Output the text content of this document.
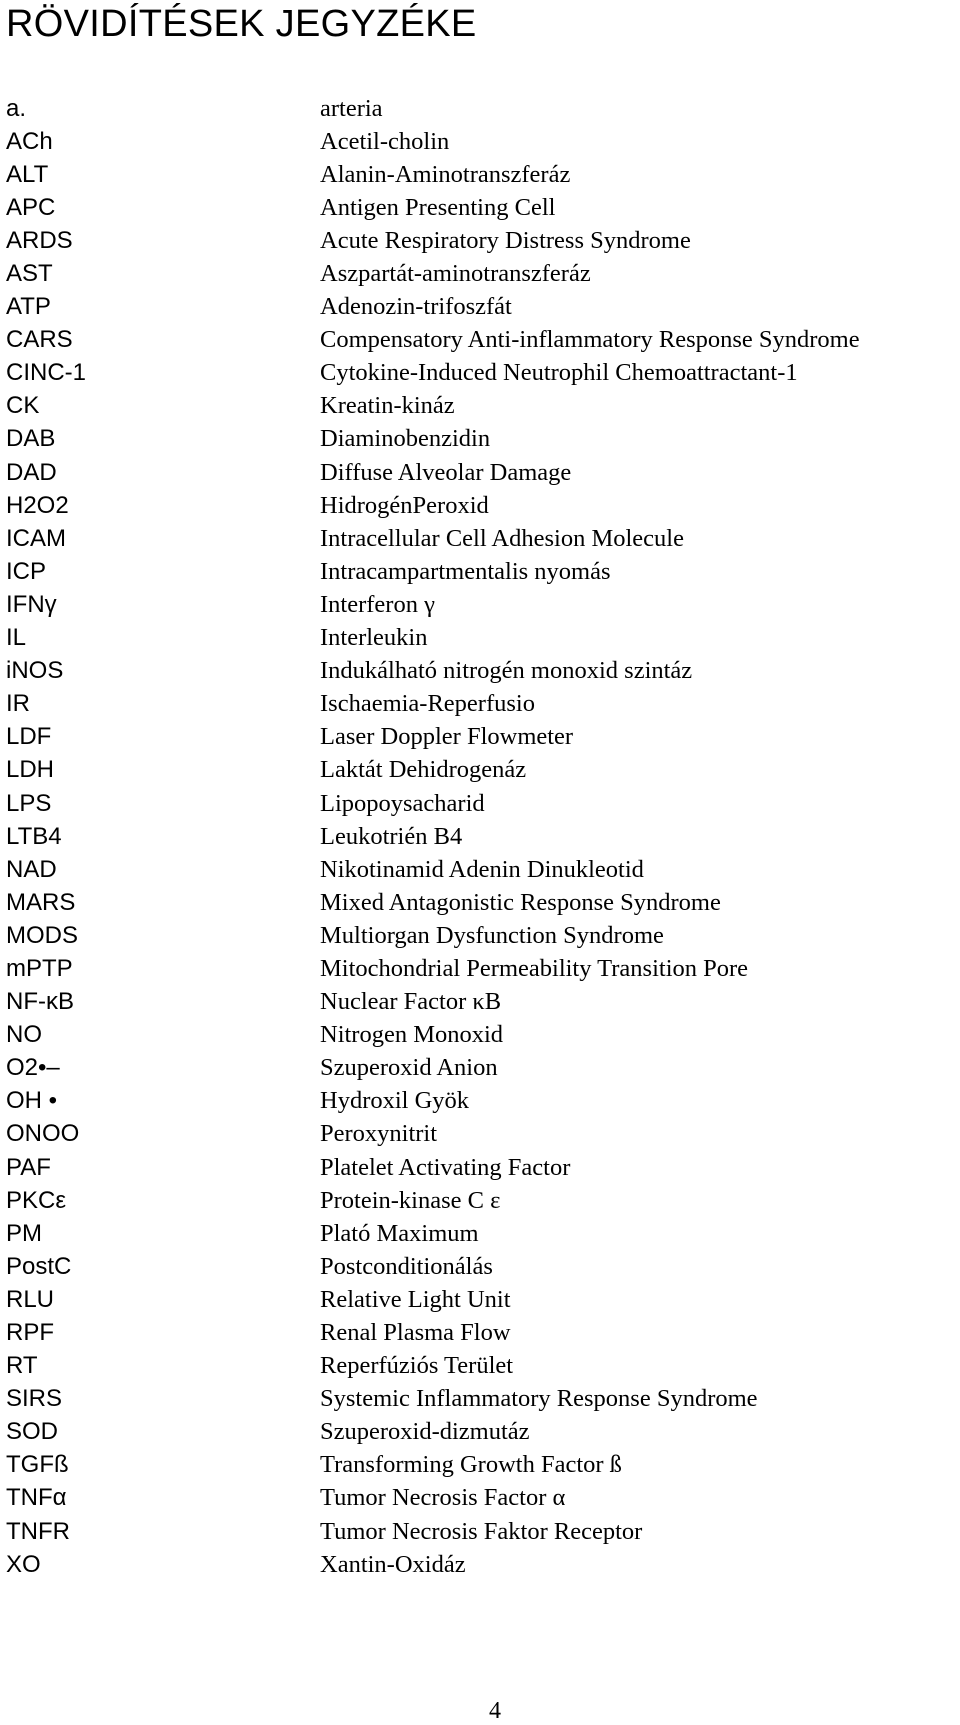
RÖVIDÍTÉSEK JEGYZÉKE
a.	arteria
ACh	Acetil-cholin
ALT	Alanin-Aminotranszferáz
APC	Antigen Presenting Cell
ARDS	Acute Respiratory Distress Syndrome
AST	Aszpartát-aminotranszferáz
ATP	Adenozin-trifoszfát
CARS	Compensatory Anti-inflammatory Response Syndrome
CINC-1	Cytokine-Induced Neutrophil Chemoattractant-1
CK	Kreatin-kináz
DAB	Diaminobenzidin
DAD	Diffuse Alveolar Damage
H2O2	HidrogénPeroxid
ICAM	Intracellular Cell Adhesion Molecule
ICP	Intracampartmentalis nyomás
IFNγ	Interferon γ
IL	Interleukin
iNOS	Indukálható nitrogén monoxid szintáz
IR	Ischaemia-Reperfusio
LDF	Laser Doppler Flowmeter
LDH	Laktát Dehidrogenáz
LPS	Lipopoysacharid
LTB4	Leukotrién B4
NAD	Nikotinamid Adenin Dinukleotid
MARS	Mixed Antagonistic Response Syndrome
MODS	Multiorgan Dysfunction Syndrome
mPTP	Mitochondrial Permeability Transition Pore
NF-κB	Nuclear Factor κB
NO	Nitrogen Monoxid
O2•–	Szuperoxid Anion
OH •	Hydroxil Gyök
ONOO	Peroxynitrit
PAF	Platelet Activating Factor
PKCε	Protein-kinase C ε
PM	Plató Maximum
PostC	Postconditionálás
RLU	Relative Light Unit
RPF	Renal Plasma Flow
RT	Reperfúziós Terület
SIRS	Systemic Inflammatory Response Syndrome
SOD	Szuperoxid-dizmutáz
TGFß	Transforming Growth Factor ß
TNFα	Tumor Necrosis Factor α
TNFR	Tumor Necrosis Faktor Receptor
XO	Xantin-Oxidáz
4
